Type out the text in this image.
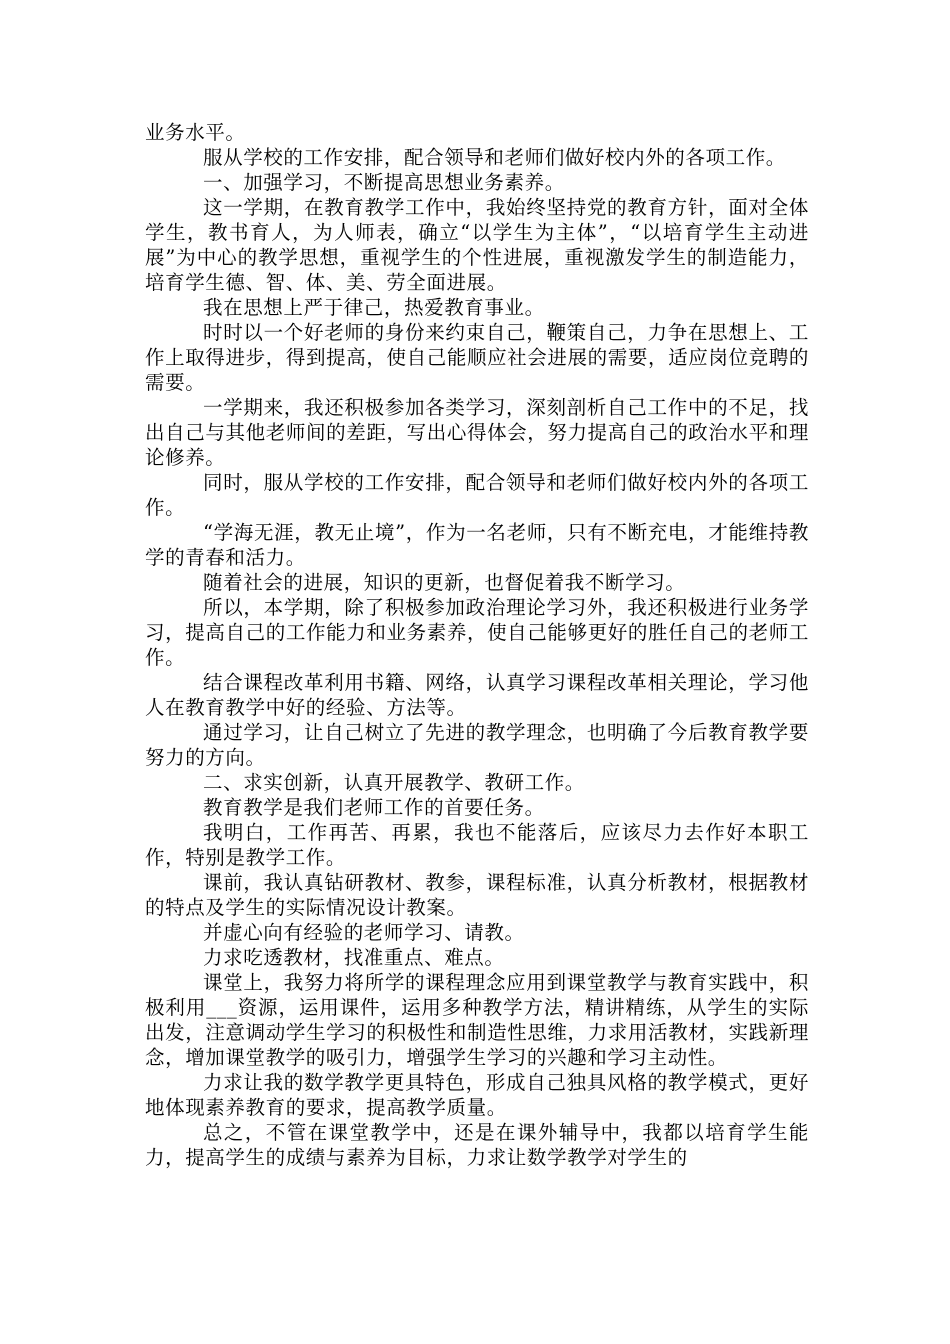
业务水平。

服从学校的工作安排，配合领导和老师们做好校内外的各项工作。

一、加强学习，不断提高思想业务素养。

这一学期，在教育教学工作中，我始终坚持党的教育方针，面对全体学生，教书育人，为人师表，确立“以学生为主体”，“以培育学生主动进展”为中心的教学思想，重视学生的个性进展，重视激发学生的制造能力，培育学生德、智、体、美、劳全面进展。

我在思想上严于律己，热爱教育事业。

时时以一个好老师的身份来约束自己，鞭策自己，力争在思想上、工作上取得进步，得到提高，使自己能顺应社会进展的需要，适应岗位竞聘的需要。

一学期来，我还积极参加各类学习，深刻剖析自己工作中的不足，找出自己与其他老师间的差距，写出心得体会，努力提高自己的政治水平和理论修养。

同时，服从学校的工作安排，配合领导和老师们做好校内外的各项工作。

“学海无涯，教无止境”，作为一名老师，只有不断充电，才能维持教学的青春和活力。

随着社会的进展，知识的更新，也督促着我不断学习。

所以，本学期，除了积极参加政治理论学习外，我还积极进行业务学习，提高自己的工作能力和业务素养，使自己能够更好的胜任自己的老师工作。

结合课程改革利用书籍、网络，认真学习课程改革相关理论，学习他人在教育教学中好的经验、方法等。

通过学习，让自己树立了先进的教学理念，也明确了今后教育教学要努力的方向。

二、求实创新，认真开展教学、教研工作。

教育教学是我们老师工作的首要任务。

我明白，工作再苦、再累，我也不能落后，应该尽力去作好本职工作，特别是教学工作。

课前，我认真钻研教材、教参，课程标准，认真分析教材，根据教材的特点及学生的实际情况设计教案。

并虚心向有经验的老师学习、请教。

力求吃透教材，找准重点、难点。

课堂上，我努力将所学的课程理念应用到课堂教学与教育实践中，积极利用___资源，运用课件，运用多种教学方法，精讲精练，从学生的实际出发，注意调动学生学习的积极性和制造性思维，力求用活教材，实践新理念，增加课堂教学的吸引力，增强学生学习的兴趣和学习主动性。

力求让我的数学教学更具特色，形成自己独具风格的教学模式，更好地体现素养教育的要求，提高教学质量。

总之，不管在课堂教学中，还是在课外辅导中，我都以培育学生能力，提高学生的成绩与素养为目标，力求让数学教学对学生的
